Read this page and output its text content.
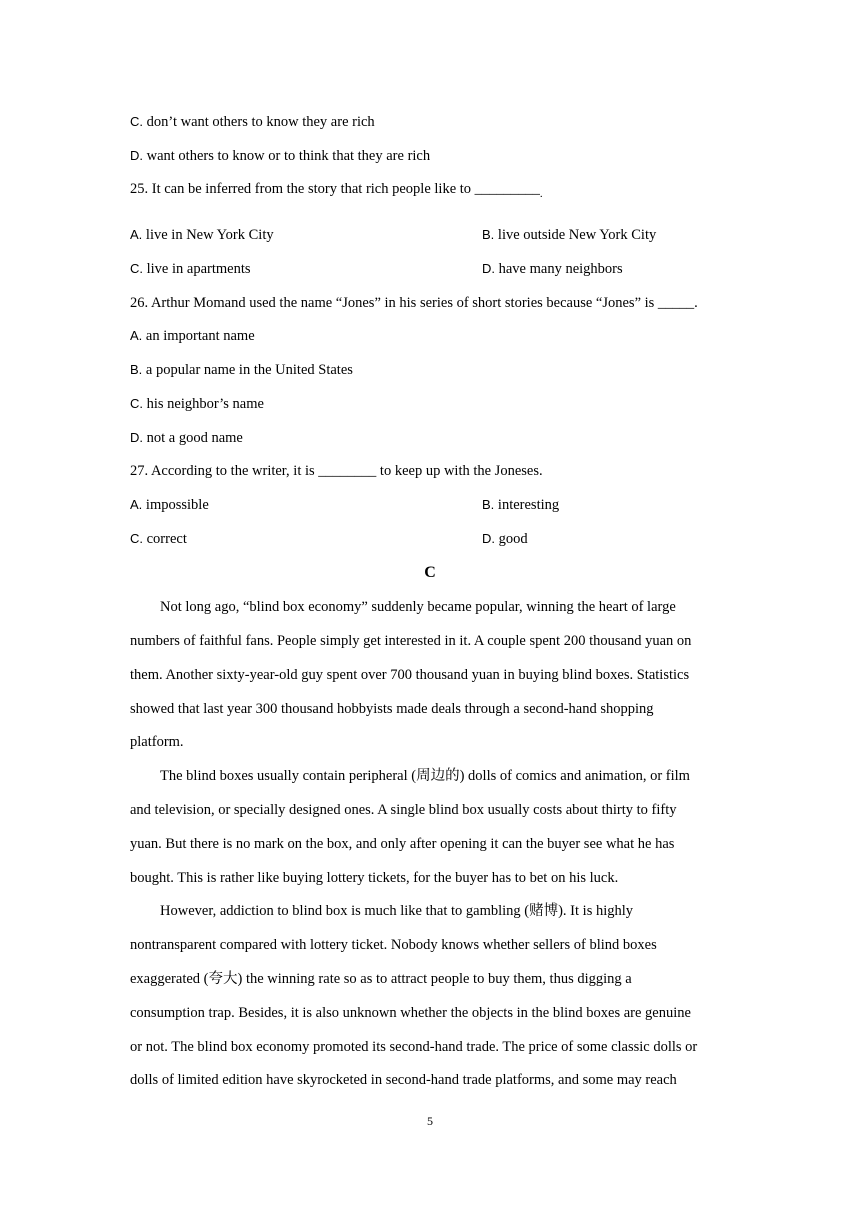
C. don’t want others to know they are rich
D. want others to know or to think that they are rich
25. It can be inferred from the story that rich people like to $\_\_\_\_\_\_\_\_\__.$
A. live in New York City	B. live outside New York City
C. live in apartments	D. have many neighbors
26. Arthur Momand used the name “Jones” in his series of short stories because “Jones” is _____.
A. an important name
B. a popular name in the United States
C. his neighbor’s name
D. not a good name
27. According to the writer, it is ________ to keep up with the Joneses.
A. impossible	B. interesting
C. correct	D. good
C
Not long ago, “blind box economy” suddenly became popular, winning the heart of large
numbers of faithful fans. People simply get interested in it. A couple spent 200 thousand yuan on
them. Another sixty-year-old guy spent over 700 thousand yuan in buying blind boxes. Statistics
showed that last year 300 thousand hobbyists made deals through a second-hand shopping
platform.
The blind boxes usually contain peripheral (周边的) dolls of comics and animation, or film
and television, or specially designed ones. A single blind box usually costs about thirty to fifty
yuan. But there is no mark on the box, and only after opening it can the buyer see what he has
bought. This is rather like buying lottery tickets, for the buyer has to bet on his luck.
However, addiction to blind box is much like that to gambling (赌博). It is highly
nontransparent compared with lottery ticket. Nobody knows whether sellers of blind boxes
exaggerated (夸大) the winning rate so as to attract people to buy them, thus digging a
consumption trap. Besides, it is also unknown whether the objects in the blind boxes are genuine
or not. The blind box economy promoted its second-hand trade. The price of some classic dolls or
dolls of limited edition have skyrocketed in second-hand trade platforms, and some may reach
5
